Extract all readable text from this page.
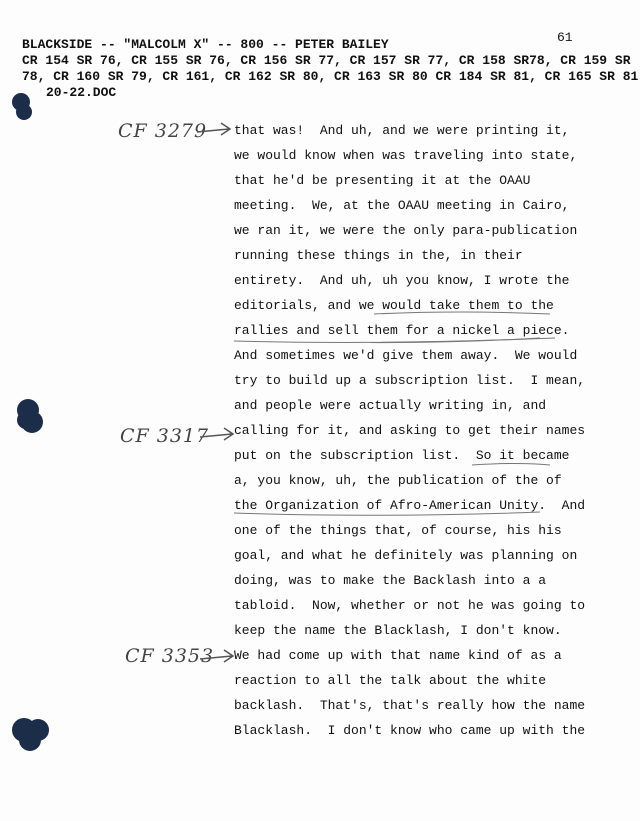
BLACKSIDE -- "MALCOLM X" -- 800 -- PETER BAILEY	61
CR 154 SR 76, CR 155 SR 76, CR 156 SR 77, CR 157 SR 77, CR 158 SR78, CR 159 SR
78, CR 160 SR 79, CR 161, CR 162 SR 80, CR 163 SR 80 CR 184 SR 81, CR 165 SR 81
20-22.DOC
CF 3279
CF 3317
CF 3353
that was!  And uh, and we were printing it,
we would know when was traveling into state,
that he'd be presenting it at the OAAU
meeting.  We, at the OAAU meeting in Cairo,
we ran it, we were the only para-publication
running these things in the, in their
entirety.  And uh, uh you know, I wrote the
editorials, and we would take them to the
rallies and sell them for a nickel a piece.
And sometimes we'd give them away.  We would
try to build up a subscription list.  I mean,
and people were actually writing in, and
calling for it, and asking to get their names
put on the subscription list.  So it became
a, you know, uh, the publication of the of
the Organization of Afro-American Unity.  And
one of the things that, of course, his his
goal, and what he definitely was planning on
doing, was to make the Backlash into a a
tabloid.  Now, whether or not he was going to
keep the name the Blacklash, I don't know.
We had come up with that name kind of as a
reaction to all the talk about the white
backlash.  That's, that's really how the name
Blacklash.  I don't know who came up with the
